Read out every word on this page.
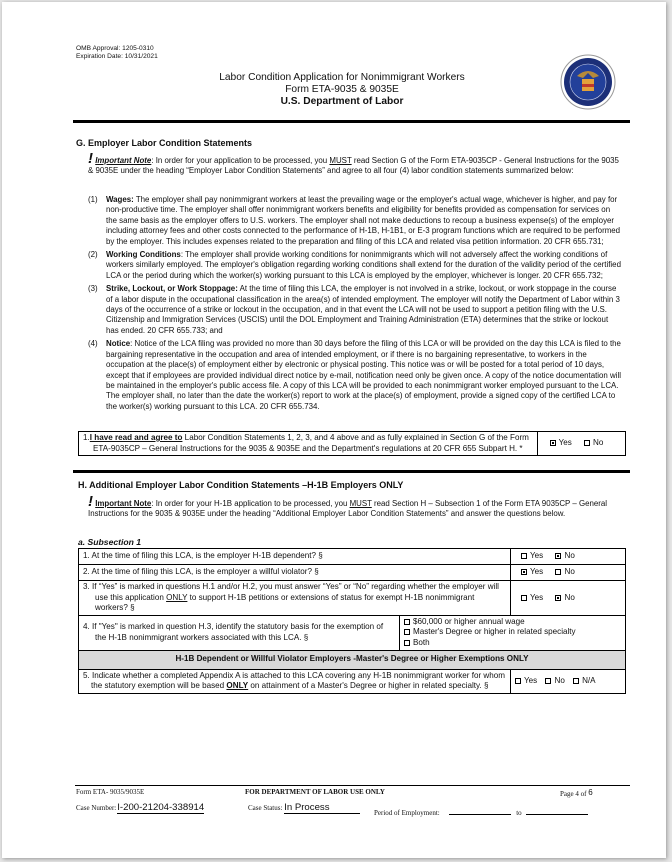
OMB Approval: 1205-0310
Expiration Date: 10/31/2021
Labor Condition Application for Nonimmigrant Workers
Form ETA-9035 & 9035E
U.S. Department of Labor
G. Employer Labor Condition Statements
! Important Note: In order for your application to be processed, you MUST read Section G of the Form ETA-9035CP - General Instructions for the 9035 & 9035E under the heading “Employer Labor Condition Statements” and agree to all four (4) labor condition statements summarized below:
(1)	Wages: The employer shall pay nonimmigrant workers at least the prevailing wage or the employer's actual wage, whichever is higher, and pay for non-productive time. The employer shall offer nonimmigrant workers benefits and eligibility for benefits provided as compensation for services on the same basis as the employer offers to U.S. workers. The employer shall not make deductions to recoup a business expense(s) of the employer including attorney fees and other costs connected to the performance of H-1B, H-1B1, or E-3 program functions which are required to be performed by the employer. This includes expenses related to the preparation and filing of this LCA and related visa petition information. 20 CFR 655.731;

(2)	Working Conditions: The employer shall provide working conditions for nonimmigrants which will not adversely affect the working conditions of workers similarly employed. The employer's obligation regarding working conditions shall extend for the duration of the validity period of the certified LCA or the period during which the worker(s) working pursuant to this LCA is employed by the employer, whichever is longer. 20 CFR 655.732;

(3)	Strike, Lockout, or Work Stoppage: At the time of filing this LCA, the employer is not involved in a strike, lockout, or work stoppage in the course of a labor dispute in the occupational classification in the area(s) of intended employment. The employer will notify the Department of Labor within 3 days of the occurrence of a strike or lockout in the occupation, and in that event the LCA will not be used to support a petition filing with the U.S. Citizenship and Immigration Services (USCIS) until the DOL Employment and Training Administration (ETA) determines that the strike or lockout has ended. 20 CFR 655.733; and

(4)	Notice: Notice of the LCA filing was provided no more than 30 days before the filing of this LCA or will be provided on the day this LCA is filed to the bargaining representative in the occupation and area of intended employment, or if there is no bargaining representative, to workers in the occupation at the place(s) of employment either by electronic or physical posting. This notice was or will be posted for a total period of 10 days, except that if employees are provided individual direct notice by e-mail, notification need only be given once. A copy of the notice documentation will be maintained in the employer's public access file. A copy of this LCA will be provided to each nonimmigrant worker employed pursuant to the LCA. The employer shall, no later than the date the worker(s) report to work at the place(s) of employment, provide a signed copy of the certified LCA to the worker(s) working pursuant to this LCA. 20 CFR 655.734.

1.I have read and agree to Labor Condition Statements 1, 2, 3, and 4 above and as fully explained in Section G of the Form ETA-9035CP – General Instructions for the 9035 & 9035E and the Department's regulations at 20 CFR 655 Subpart H. *	Yes	No
H. Additional Employer Labor Condition Statements –H-1B Employers ONLY
! Important Note: In order for your H-1B application to be processed, you MUST read Section H – Subsection 1 of the Form ETA 9035CP – General Instructions for the 9035 & 9035E under the heading “Additional Employer Labor Condition Statements” and answer the questions below.
a. Subsection 1
1. At the time of filing this LCA, is the employer H-1B dependent? §		Yes No
2. At the time of filing this LCA, is the employer a willful violator? §		Yes No
3. If “Yes” is marked in questions H.1 and/or H.2, you must answer “Yes” or “No” regarding whether the employer will use this application ONLY to support H-1B petitions or extensions of status for exempt H-1B nonimmigrant workers? §		Yes No
4. If "Yes" is marked in question H.3, identify the statutory basis for the exemption of the H-1B nonimmigrant workers associated with this LCA. §	$60,000 or higher annual wage
Master's Degree or higher in related specialty
Both	

H-1B Dependent or Willful Violator Employers -Master's Degree or Higher Exemptions ONLY		
5. Indicate whether a completed Appendix A is attached to this LCA covering any H-1B nonimmigrant worker for whom the statutory exemption will be based ONLY on attainment of a Master's Degree or higher in related specialty. §		Yes No N/A
Form ETA- 9035/9035E	FOR DEPARTMENT OF LABOR USE ONLY	Page 4 of 6
Case Number:I-200-21204-338914	Case Status: In Process	Period of Employment:	to
